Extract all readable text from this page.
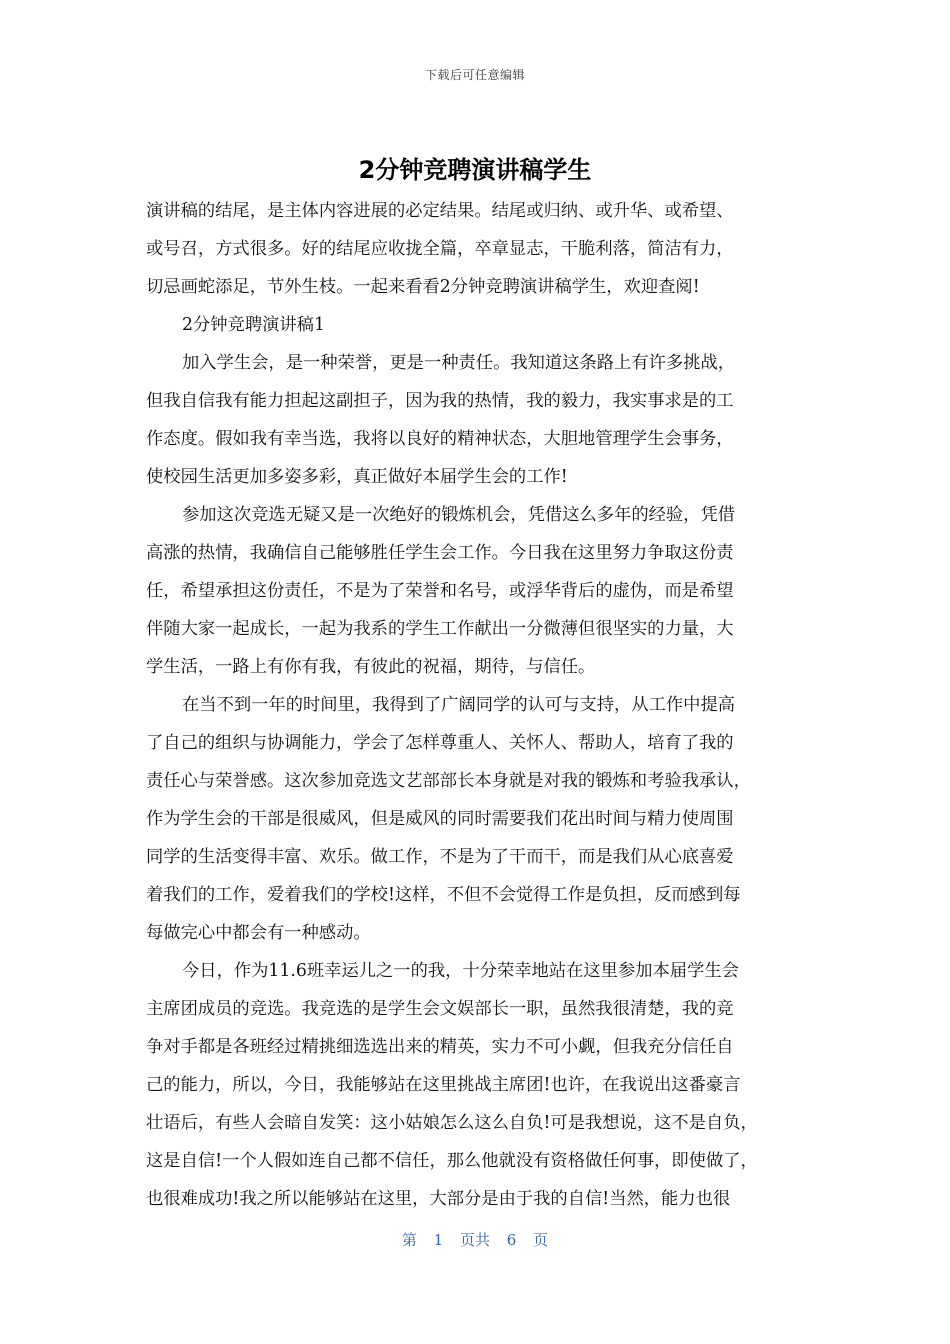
下载后可任意编辑
2分钟竞聘演讲稿学生
演讲稿的结尾，是主体内容进展的必定结果。结尾或归纳、或升华、或希望、
或号召，方式很多。好的结尾应收拢全篇，卒章显志，干脆利落，简洁有力，
切忌画蛇添足，节外生枝。一起来看看2分钟竞聘演讲稿学生，欢迎查阅!
2分钟竞聘演讲稿1
加入学生会，是一种荣誉，更是一种责任。我知道这条路上有许多挑战，
但我自信我有能力担起这副担子，因为我的热情，我的毅力，我实事求是的工
作态度。假如我有幸当选，我将以良好的精神状态，大胆地管理学生会事务，
使校园生活更加多姿多彩，真正做好本届学生会的工作!
参加这次竞选无疑又是一次绝好的锻炼机会，凭借这么多年的经验，凭借
高涨的热情，我确信自己能够胜任学生会工作。今日我在这里努力争取这份责
任，希望承担这份责任，不是为了荣誉和名号，或浮华背后的虚伪，而是希望
伴随大家一起成长，一起为我系的学生工作献出一分微薄但很坚实的力量，大
学生活，一路上有你有我，有彼此的祝福，期待，与信任。
在当不到一年的时间里，我得到了广阔同学的认可与支持，从工作中提高
了自己的组织与协调能力，学会了怎样尊重人、关怀人、帮助人，培育了我的
责任心与荣誉感。这次参加竞选文艺部部长本身就是对我的锻炼和考验我承认，
作为学生会的干部是很威风，但是威风的同时需要我们花出时间与精力使周围
同学的生活变得丰富、欢乐。做工作，不是为了干而干，而是我们从心底喜爱
着我们的工作，爱着我们的学校!这样，不但不会觉得工作是负担，反而感到每
每做完心中都会有一种感动。
今日，作为11.6班幸运儿之一的我，十分荣幸地站在这里参加本届学生会
主席团成员的竞选。我竞选的是学生会文娱部长一职，虽然我很清楚，我的竞
争对手都是各班经过精挑细选选出来的精英，实力不可小觑，但我充分信任自
己的能力，所以，今日，我能够站在这里挑战主席团!也许，在我说出这番豪言
壮语后，有些人会暗自发笑：这小姑娘怎么这么自负!可是我想说，这不是自负，
这是自信!一个人假如连自己都不信任，那么他就没有资格做任何事，即使做了，
也很难成功!我之所以能够站在这里，大部分是由于我的自信!当然，能力也很
第 1 页共 6 页
